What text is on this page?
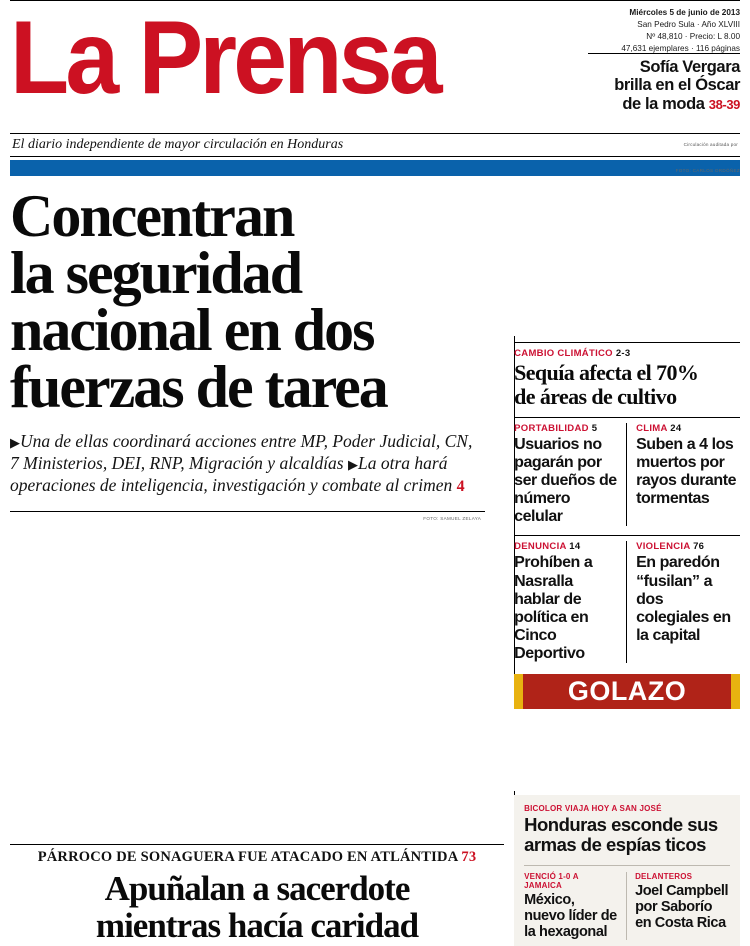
La Prensa	Miércoles 5 de junio de 2013
San Pedro Sula · Año XLVIII
Nº 48,810 · Precio: L 8.00
47,631 ejemplares · 116 páginas
Sofía Vergara
brilla en el Óscar
de la moda 38-39
El diario independiente de mayor circulación en Honduras	Circulación auditada por
Concentran
la seguridad
nacional en dos
fuerzas de tarea
▶Una de ellas coordinará acciones entre MP, Poder Judicial, CN, 7 Ministerios, DEI, RNP, Migración y alcaldías ▶La otra hará operaciones de inteligencia, investigación y combate al crimen 4
FOTO: SAMUEL ZELAYA
FOTO: CARLOS ORDÓÑEZ
CAMBIO CLIMÁTICO 2-3
Sequía afecta el 70%
de áreas de cultivo
PORTABILIDAD 5
Usuarios no pagarán por ser dueños de número celular
CLIMA 24
Suben a 4 los muertos por rayos durante tormentas
DENUNCIA 14
Prohíben a Nasralla hablar de política en Cinco Deportivo
VIOLENCIA 76
En paredón “fusilan” a dos colegiales en la capital
GOLAZO
BICOLOR VIAJA HOY A SAN JOSÉ
Honduras esconde sus
armas de espías ticos
VENCIÓ 1-0 A JAMAICA
México, nuevo líder de la hexagonal
DELANTEROS
Joel Campbell por Saborío en Costa Rica
PÁRROCO DE SONAGUERA FUE ATACADO EN ATLÁNTIDA 73
Apuñalan a sacerdote
mientras hacía caridad
